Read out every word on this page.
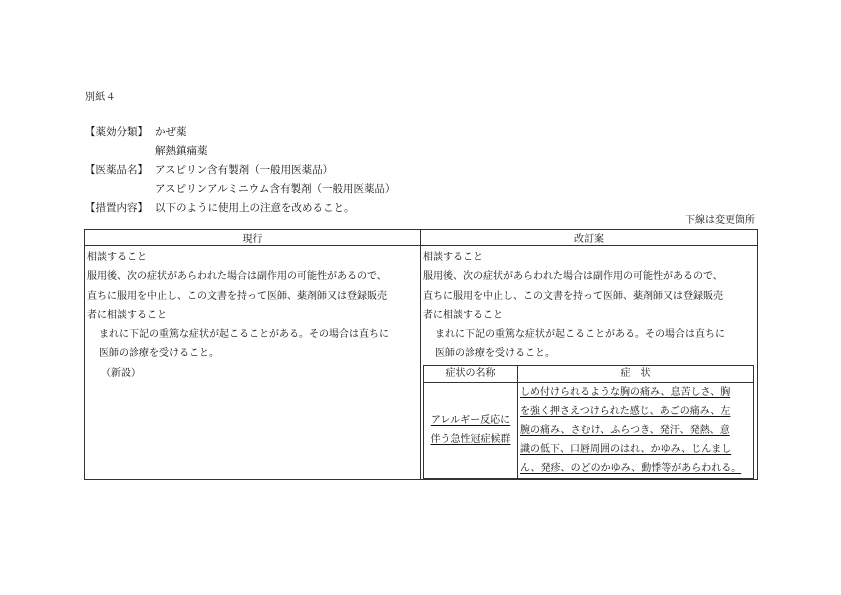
別紙４
【薬効分類】 かぜ薬
解熱鎮痛薬
【医薬品名】 アスピリン含有製剤（一般用医薬品）
アスピリンアルミニウム含有製剤（一般用医薬品）
【措置内容】 以下のように使用上の注意を改めること。
下線は変更箇所
現行	改訂案

相談すること
服用後、次の症状があらわれた場合は副作用の可能性があるので、
直ちに服用を中止し、この文書を持って医師、薬剤師又は登録販売
者に相談すること
まれに下記の重篤な症状が起こることがある。その場合は直ちに
医師の診療を受けること。
（新設）

相談すること
服用後、次の症状があらわれた場合は副作用の可能性があるので、
直ちに服用を中止し、この文書を持って医師、薬剤師又は登録販売
者に相談すること
まれに下記の重篤な症状が起こることがある。その場合は直ちに
医師の診療を受けること。
症状の名称	症　状

アレルギー反応に
伴う急性冠症候群

しめ付けられるような胸の痛み、息苦しさ、胸
を強く押さえつけられた感じ、あごの痛み、左
腕の痛み、さむけ、ふらつき、発汗、発熱、意
識の低下、口唇周囲のはれ、かゆみ、じんまし
ん、発疹、のどのかゆみ、動悸等があらわれる。
